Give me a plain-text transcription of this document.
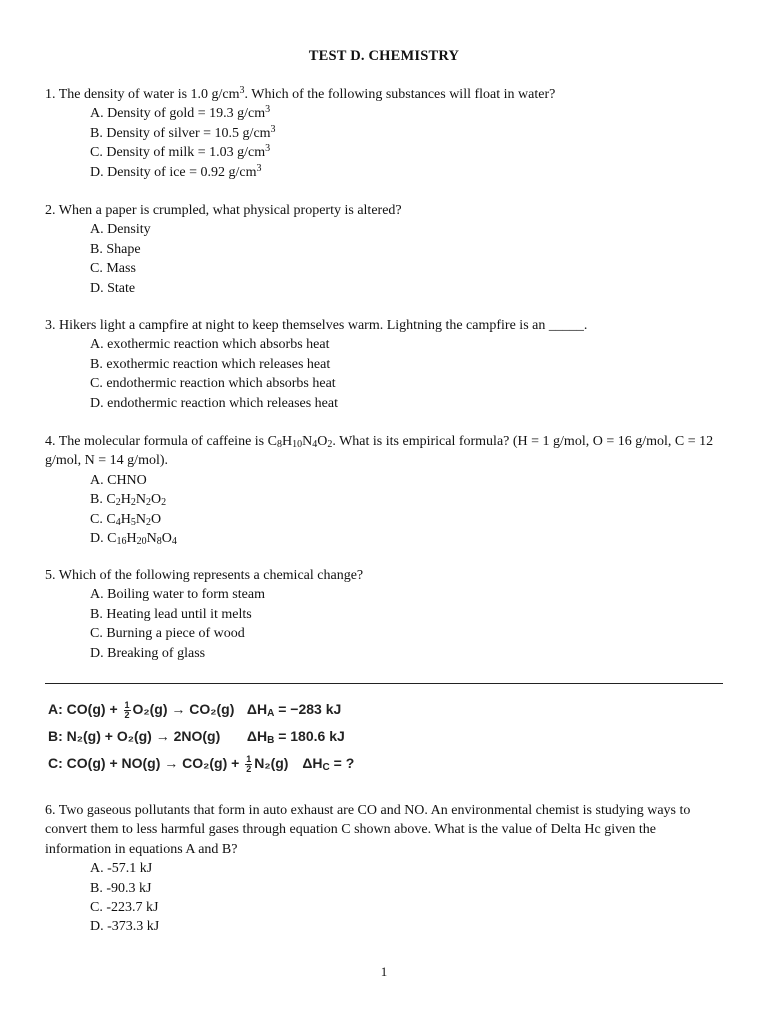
TEST D. CHEMISTRY

1. The density of water is 1.0 $g/cm^3$. Which of the following substances will float in water?

A. Density of gold = 19.3 $g/cm^3$
B. Density of silver = 10.5 $g/cm^3$
C. Density of milk = 1.03 $g/cm^3$
D. Density of ice = 0.92 $g/cm^3$

2. When a paper is crumpled, what physical property is altered?

A. Density
B. Shape
C. Mass
D. State

3. Hikers light a campfire at night to keep themselves warm. Lightning the campfire is an _____.

A. exothermic reaction which absorbs heat
B. exothermic reaction which releases heat
C. endothermic reaction which absorbs heat
D. endothermic reaction which releases heat

4. The molecular formula of caffeine is $C_8H_{10}N_4O_2$. What is its empirical formula? (H = 1 g/mol, O = 16 g/mol, C = 12 g/mol, N = 14 g/mol).

A. CHNO
B. $C_2H_2N_2O_2$
C. $C_4H_5N_2O$
D. $C_{16}H_{20}N_8O_4$

5. Which of the following represents a chemical change?

A. Boiling water to form steam
B. Heating lead until it melts
C. Burning a piece of wood
D. Breaking of glass
A: $CO(g) + \frac{1}{2} O_2(g) \to CO_2(g) \Delta H_A = -283$ kJ
B: N₂(g) + O₂(g) → 2NO(g) $\Delta H_B = 180.6$ kJ
C: $CO(g) + NO(g) \to CO_2(g) + \frac{1}{2} N_2(g) \Delta H_C$ = ?

6. Two gaseous pollutants that form in auto exhaust are CO and NO. An environmental chemist is studying ways to convert them to less harmful gases through equation C shown above. What is the value of Delta Hc given the information in equations A and B?

A. -57.1 kJ
B. -90.3 kJ
C. -223.7 kJ
D. -373.3 kJ
1
